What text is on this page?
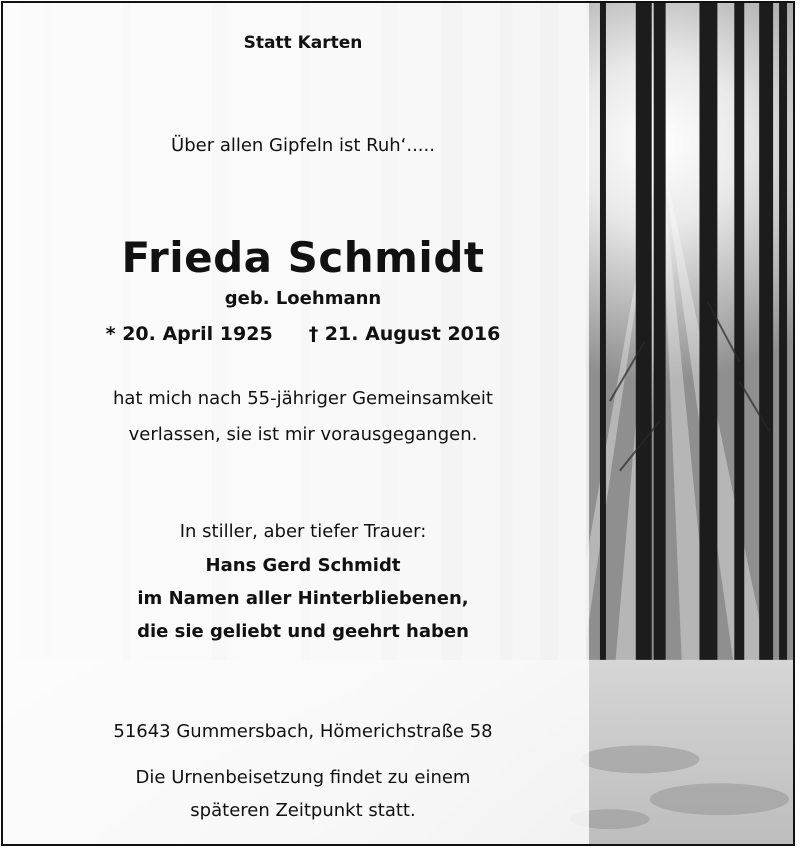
Statt Karten
Über allen Gipfeln ist Ruh‘.....
Frieda Schmidt
geb. Loehmann
* 20. April 1925 † 21. August 2016
hat mich nach 55-jähriger Gemeinsamkeit
verlassen, sie ist mir vorausgegangen.
In stiller, aber tiefer Trauer:
Hans Gerd Schmidt
im Namen aller Hinterbliebenen,
die sie geliebt und geehrt haben
51643 Gummersbach, Hömerichstraße 58
Die Urnenbeisetzung findet zu einem
späteren Zeitpunkt statt.
